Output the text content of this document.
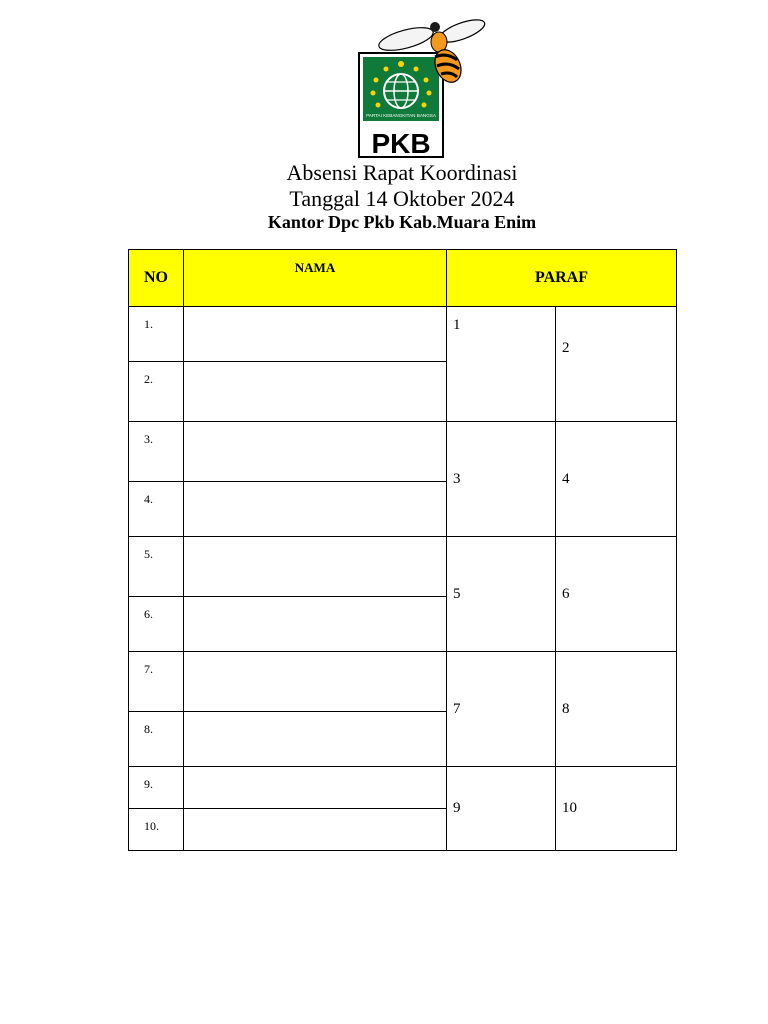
PARTAI KEBANGKITAN BANGSA
PKB
Absensi Rapat Koordinasi
Tanggal 14 Oktober 2024
Kantor Dpc Pkb Kab.Muara Enim
NO	NAMA	PARAF	
1.		1	2
2.			
3.		3	4
4.			
5.		5	6
6.			
7.		7	8
8.			
9.		9	10
10.			
